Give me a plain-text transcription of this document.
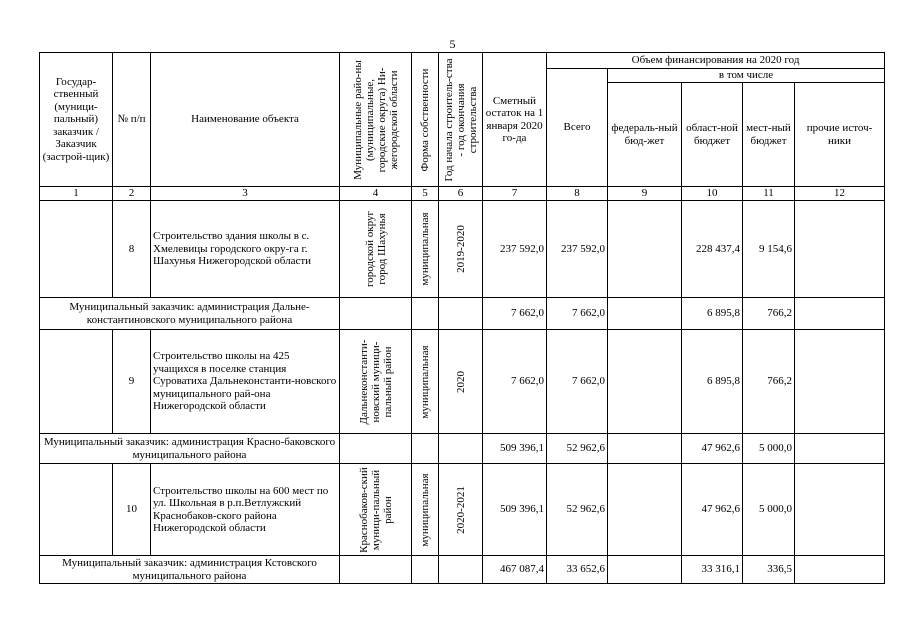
5
Государ-ственный (муници-пальный) заказчик / Заказчик (застрой-щик)	№ п/п	Наименование объекта	Муниципальные райо-ны (муниципальные, городские округа) Ни-жегородской области	Форма собственности	Год начала строитель-ства - год окончания строительства	Сметный остаток на 1 января 2020 го-да	Объем финансирования на 2020 год				
							Всего	в том числе			
								федераль-ный бюд-жет	област-ной бюджет	мест-ный бюджет	прочие источ-ники
1	2	3	4	5	6	7	8	9	10	11	12
	8	Строительство здания школы в с. Хмелевицы городского окру-га г. Шахунья Нижегородской области	городской округ город Шахунья	муниципальная	2019-2020	237 592,0	237 592,0		228 437,4	9 154,6	
Муниципальный заказчик: администрация Дальне-константиновского муниципального района						7 662,0	7 662,0		6 895,8	766,2	
	9	Строительство школы на 425 учащихся в поселке станция Суроватиха Дальнеконстанти-новского муниципального рай-она Нижегородской области	Дальнеконстанти-новский муници-пальный район	муниципальная	2020	7 662,0	7 662,0		6 895,8	766,2	
Муниципальный заказчик: администрация Красно-баковского муниципального района						509 396,1	52 962,6		47 962,6	5 000,0	
	10	Строительство школы на 600 мест по ул. Школьная в р.п.Ветлужский Краснобаков-ского района Нижегородской области	Краснобаков-ский муници-пальный район	муниципальная	2020-2021	509 396,1	52 962,6		47 962,6	5 000,0	
Муниципальный заказчик: администрация Кстовского муниципального района						467 087,4	33 652,6		33 316,1	336,5	
